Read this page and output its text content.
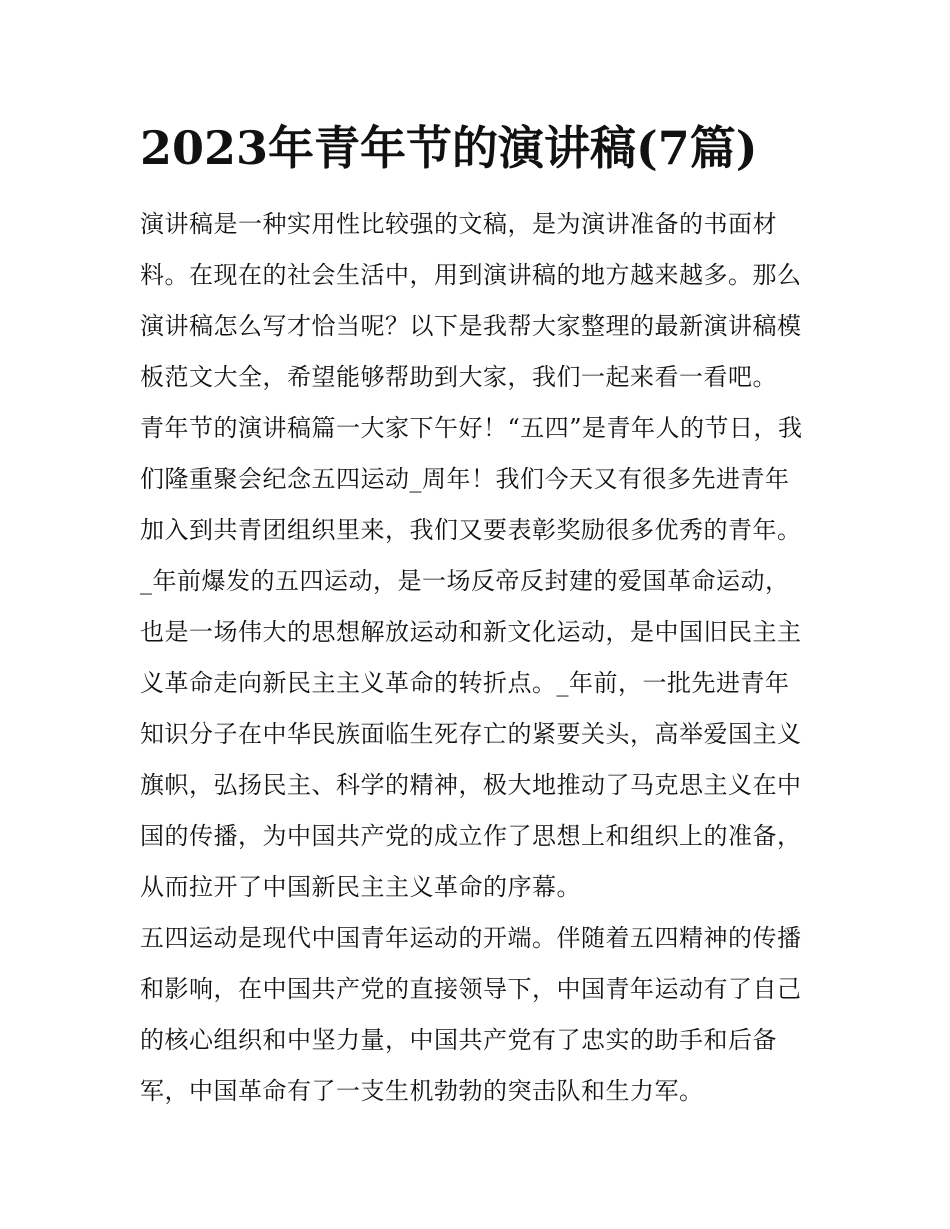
2023年青年节的演讲稿(7篇)
演讲稿是一种实用性比较强的文稿，是为演讲准备的书面材
料。在现在的社会生活中，用到演讲稿的地方越来越多。那么
演讲稿怎么写才恰当呢？以下是我帮大家整理的最新演讲稿模
板范文大全，希望能够帮助到大家，我们一起来看一看吧。
青年节的演讲稿篇一大家下午好！“五四”是青年人的节日，我
们隆重聚会纪念五四运动_周年！我们今天又有很多先进青年
加入到共青团组织里来，我们又要表彰奖励很多优秀的青年。
_年前爆发的五四运动，是一场反帝反封建的爱国革命运动，
也是一场伟大的思想解放运动和新文化运动，是中国旧民主主
义革命走向新民主主义革命的转折点。_年前，一批先进青年
知识分子在中华民族面临生死存亡的紧要关头，高举爱国主义
旗帜，弘扬民主、科学的精神，极大地推动了马克思主义在中
国的传播，为中国共产党的成立作了思想上和组织上的准备，
从而拉开了中国新民主主义革命的序幕。
五四运动是现代中国青年运动的开端。伴随着五四精神的传播
和影响，在中国共产党的直接领导下，中国青年运动有了自己
的核心组织和中坚力量，中国共产党有了忠实的助手和后备
军，中国革命有了一支生机勃勃的突击队和生力军。
